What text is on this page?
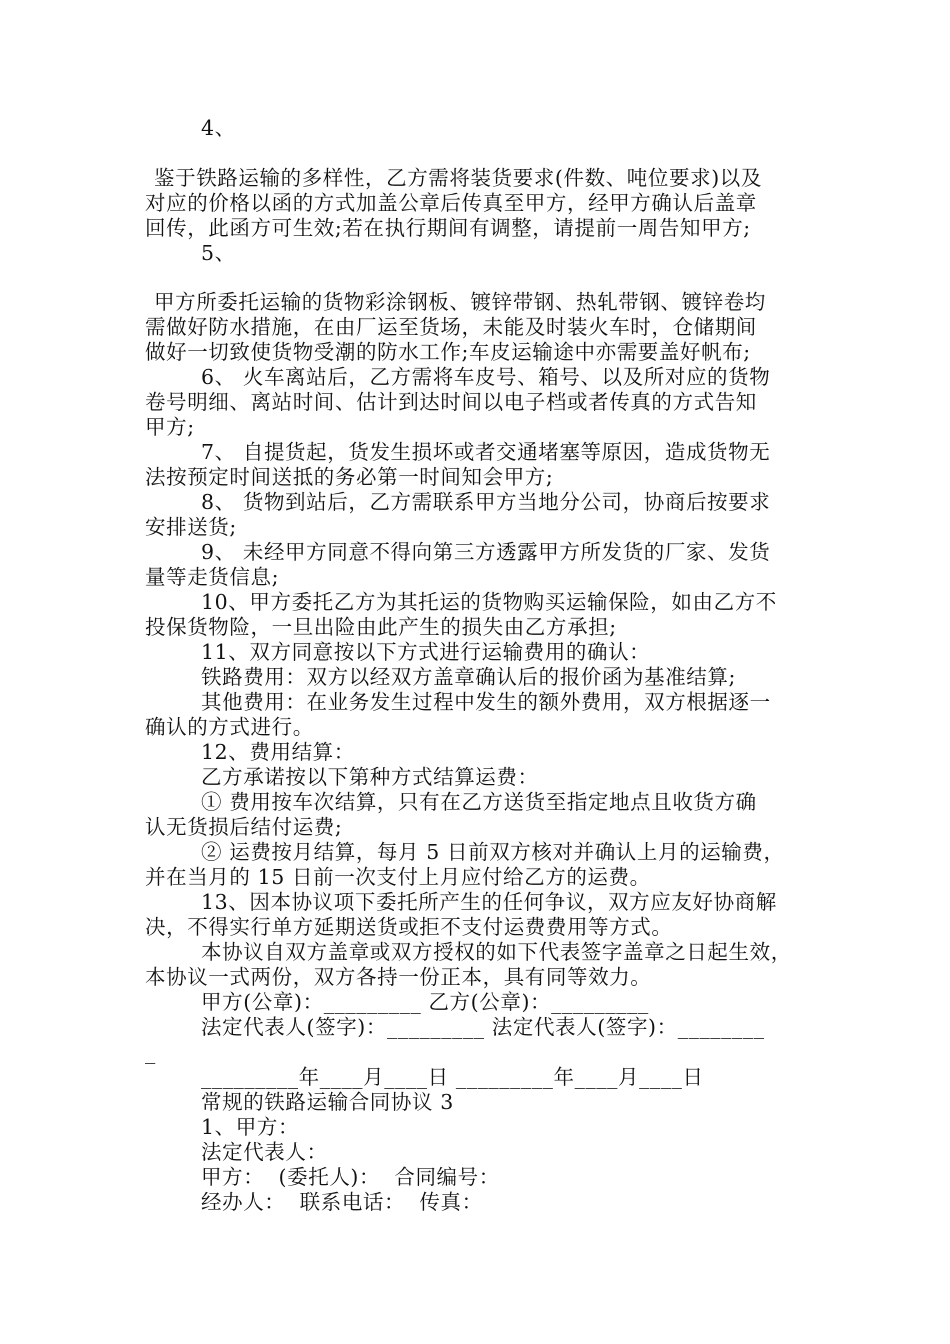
4、
鉴于铁路运输的多样性，乙方需将装货要求(件数、吨位要求)以及
对应的价格以函的方式加盖公章后传真至甲方，经甲方确认后盖章
回传，此函方可生效;若在执行期间有调整，请提前一周告知甲方;
5、
甲方所委托运输的货物彩涂钢板、镀锌带钢、热轧带钢、镀锌卷均
需做好防水措施，在由厂运至货场，未能及时装火车时，仓储期间
做好一切致使货物受潮的防水工作;车皮运输途中亦需要盖好帆布;
6、 火车离站后，乙方需将车皮号、箱号、以及所对应的货物
卷号明细、离站时间、估计到达时间以电子档或者传真的方式告知
甲方;
7、 自提货起，货发生损坏或者交通堵塞等原因，造成货物无
法按预定时间送抵的务必第一时间知会甲方;
8、 货物到站后，乙方需联系甲方当地分公司，协商后按要求
安排送货;
9、 未经甲方同意不得向第三方透露甲方所发货的厂家、发货
量等走货信息;
10、甲方委托乙方为其托运的货物购买运输保险，如由乙方不
投保货物险，一旦出险由此产生的损失由乙方承担;
11、双方同意按以下方式进行运输费用的确认：
铁路费用：双方以经双方盖章确认后的报价函为基准结算;
其他费用：在业务发生过程中发生的额外费用，双方根据逐一
确认的方式进行。
12、费用结算：
乙方承诺按以下第种方式结算运费：
① 费用按车次结算，只有在乙方送货至指定地点且收货方确
认无货损后结付运费;
② 运费按月结算，每月 5 日前双方核对并确认上月的运输费，
并在当月的 15 日前一次支付上月应付给乙方的运费。
13、因本协议项下委托所产生的任何争议，双方应友好协商解
决，不得实行单方延期送货或拒不支付运费费用等方式。
本协议自双方盖章或双方授权的如下代表签字盖章之日起生效，
本协议一式两份，双方各持一份正本，具有同等效力。
甲方(公章)：_________ 乙方(公章)：_________
法定代表人(签字)：_________ 法定代表人(签字)：________
_
_________年____月____日 _________年____月____日
常规的铁路运输合同协议 3
1、甲方：
法定代表人：
甲方：  (委托人)：  合同编号：
经办人：  联系电话：  传真：
